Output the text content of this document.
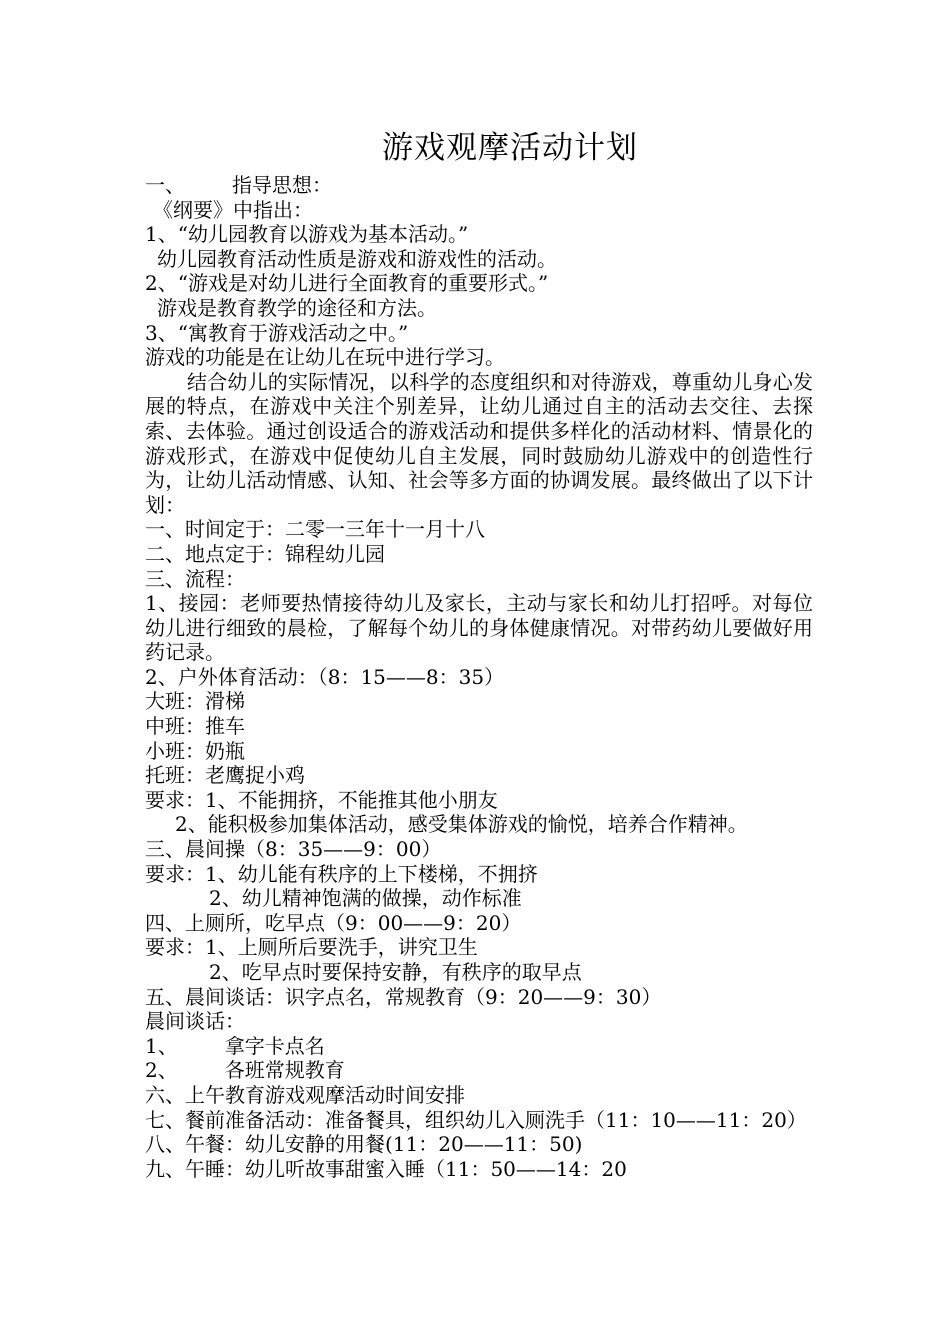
游戏观摩活动计划

一、 指导思想：

《纲要》中指出：

1、“幼儿园教育以游戏为基本活动。”

幼儿园教育活动性质是游戏和游戏性的活动。

2、“游戏是对幼儿进行全面教育的重要形式。”

游戏是教育教学的途径和方法。

3、“寓教育于游戏活动之中。”

游戏的功能是在让幼儿在玩中进行学习。

结合幼儿的实际情况，以科学的态度组织和对待游戏，尊重幼儿身心发展的特点，在游戏中关注个别差异，让幼儿通过自主的活动去交往、去探索、去体验。通过创设适合的游戏活动和提供多样化的活动材料、情景化的游戏形式，在游戏中促使幼儿自主发展，同时鼓励幼儿游戏中的创造性行为，让幼儿活动情感、认知、社会等多方面的协调发展。最终做出了以下计划：

一、时间定于：二零一三年十一月十八

二、地点定于：锦程幼儿园

三、流程：

1、接园：老师要热情接待幼儿及家长，主动与家长和幼儿打招呼。对每位幼儿进行细致的晨检，了解每个幼儿的身体健康情况。对带药幼儿要做好用药记录。

2、户外体育活动：（8：15——8：35）

大班：滑梯

中班：推车

小班：奶瓶

托班：老鹰捉小鸡

要求：1、不能拥挤，不能推其他小朋友

2、能积极参加集体活动，感受集体游戏的愉悦，培养合作精神。

三、晨间操（8：35——9：00）

要求：1、幼儿能有秩序的上下楼梯，不拥挤

2、幼儿精神饱满的做操，动作标准

四、上厕所，吃早点（9：00——9：20）

要求：1、上厕所后要洗手，讲究卫生

2、吃早点时要保持安静，有秩序的取早点

五、晨间谈话：识字点名，常规教育（9：20——9：30）

晨间谈话：

1、 拿字卡点名

2、 各班常规教育

六、上午教育游戏观摩活动时间安排

七、餐前准备活动：准备餐具，组织幼儿入厕洗手（11：10——11：20）

八、午餐：幼儿安静的用餐(11：20——11：50)

九、午睡：幼儿听故事甜蜜入睡（11：50——14：20
